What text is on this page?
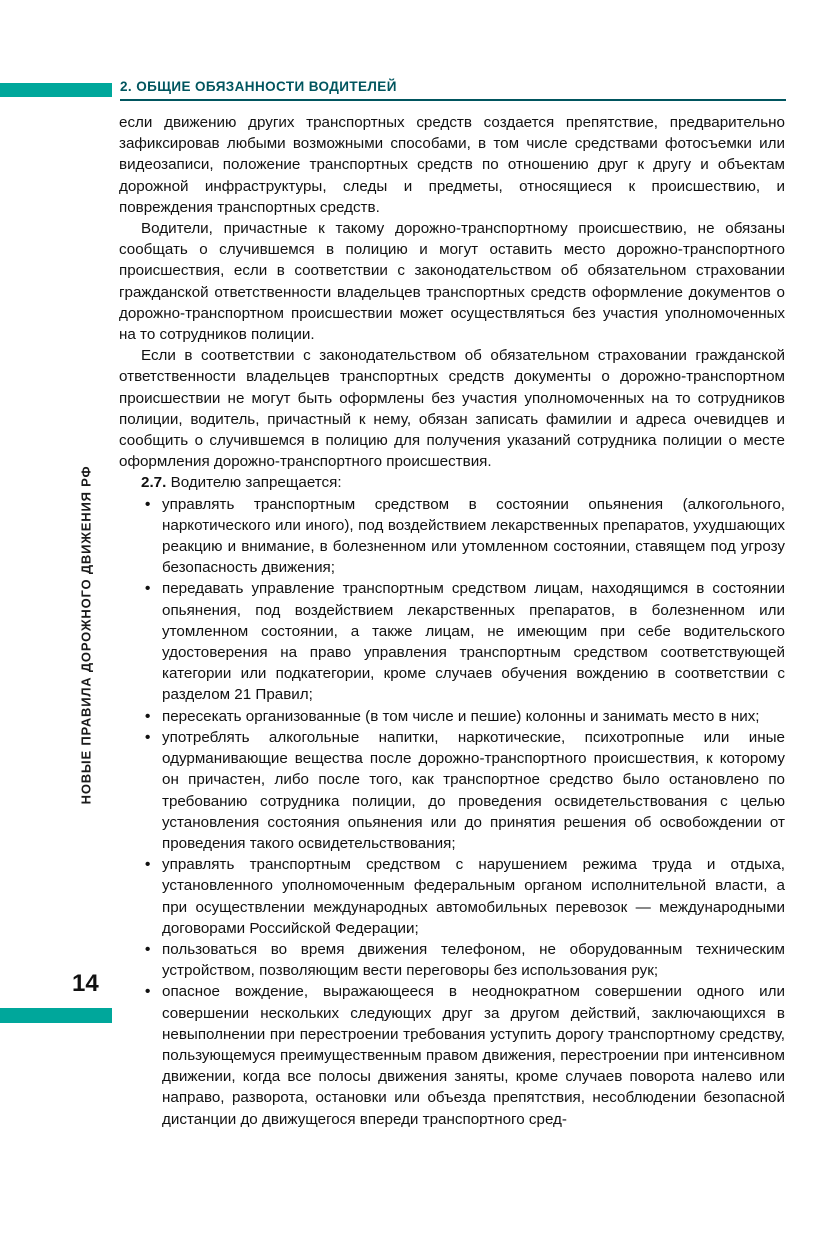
2. ОБЩИЕ ОБЯЗАННОСТИ ВОДИТЕЛЕЙ
НОВЫЕ ПРАВИЛА ДОРОЖНОГО ДВИЖЕНИЯ РФ
14

если движению других транспортных средств создается препятствие, предварительно зафиксировав любыми возможными способами, в том числе средствами фотосъемки или видеозаписи, положение транспортных средств по отношению друг к другу и объектам дорожной инфраструктуры, следы и предметы, относящиеся к происшествию, и повреждения транспортных средств.

Водители, причастные к такому дорожно-транспортному происшествию, не обязаны сообщать о случившемся в полицию и могут оставить место дорожно-транспортного происшествия, если в соответствии с законодательством об обязательном страховании гражданской ответственности владельцев транспортных средств оформление документов о дорожно-транспортном происшествии может осуществляться без участия уполномоченных на то сотрудников полиции.

Если в соответствии с законодательством об обязательном страховании гражданской ответственности владельцев транспортных средств документы о дорожно-транспортном происшествии не могут быть оформлены без участия уполномоченных на то сотрудников полиции, водитель, причастный к нему, обязан записать фамилии и адреса очевидцев и сообщить о случившемся в полицию для получения указаний сотрудника полиции о месте оформления дорожно-транспортного происшествия.

2.7. Водителю запрещается:

• управлять транспортным средством в состоянии опьянения (алкогольного, наркотического или иного), под воздействием лекарственных препаратов, ухудшающих реакцию и внимание, в болезненном или утомленном состоянии, ставящем под угрозу безопасность движения;
• передавать управление транспортным средством лицам, находящимся в состоянии опьянения, под воздействием лекарственных препаратов, в болезненном или утомленном состоянии, а также лицам, не имеющим при себе водительского удостоверения на право управления транспортным средством соответствующей категории или подкатегории, кроме случаев обучения вождению в соответствии с разделом 21 Правил;
• пересекать организованные (в том числе и пешие) колонны и занимать место в них;
• употреблять алкогольные напитки, наркотические, психотропные или иные одурманивающие вещества после дорожно-транспортного происшествия, к которому он причастен, либо после того, как транспортное средство было остановлено по требованию сотрудника полиции, до проведения освидетельствования с целью установления состояния опьянения или до принятия решения об освобождении от проведения такого освидетельствования;
• управлять транспортным средством с нарушением режима труда и отдыха, установленного уполномоченным федеральным органом исполнительной власти, а при осуществлении международных автомобильных перевозок — международными договорами Российской Федерации;
• пользоваться во время движения телефоном, не оборудованным техническим устройством, позволяющим вести переговоры без использования рук;
• опасное вождение, выражающееся в неоднократном совершении одного или совершении нескольких следующих друг за другом действий, заключающихся в невыполнении при перестроении требования уступить дорогу транспортному средству, пользующемуся преимущественным правом движения, перестроении при интенсивном движении, когда все полосы движения заняты, кроме случаев поворота налево или направо, разворота, остановки или объезда препятствия, несоблюдении безопасной дистанции до движущегося впереди транспортного сред-
